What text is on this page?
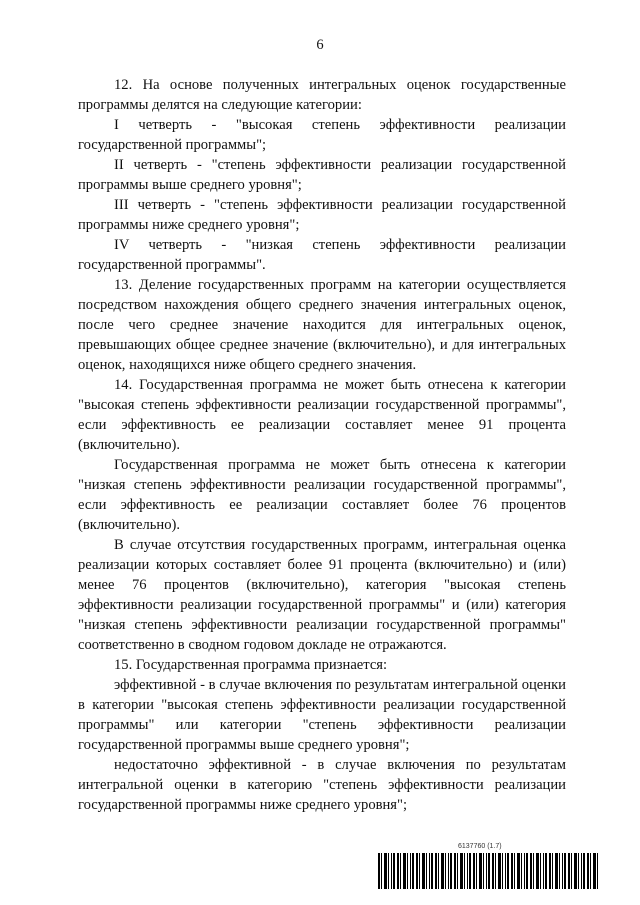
6

12. На основе полученных интегральных оценок государственные программы делятся на следующие категории:

I четверть - "высокая степень эффективности реализации государственной программы";

II четверть - "степень эффективности реализации государственной программы выше среднего уровня";

III четверть - "степень эффективности реализации государственной программы ниже среднего уровня";

IV четверть - "низкая степень эффективности реализации государственной программы".

13. Деление государственных программ на категории осуществляется посредством нахождения общего среднего значения интегральных оценок, после чего среднее значение находится для интегральных оценок, превышающих общее среднее значение (включительно), и для интегральных оценок, находящихся ниже общего среднего значения.

14. Государственная программа не может быть отнесена к категории "высокая степень эффективности реализации государственной программы", если эффективность ее реализации составляет менее 91 процента (включительно).

Государственная программа не может быть отнесена к категории "низкая степень эффективности реализации государственной программы", если эффективность ее реализации составляет более 76 процентов (включительно).

В случае отсутствия государственных программ, интегральная оценка реализации которых составляет более 91 процента (включительно) и (или) менее 76 процентов (включительно), категория "высокая степень эффективности реализации государственной программы" и (или) категория "низкая степень эффективности реализации государственной программы" соответственно в сводном годовом докладе не отражаются.

15. Государственная программа признается:

эффективной - в случае включения по результатам интегральной оценки в категории "высокая степень эффективности реализации государственной программы" или категории "степень эффективности реализации государственной программы выше среднего уровня";

недостаточно эффективной - в случае включения по результатам интегральной оценки в категорию "степень эффективности реализации государственной программы ниже среднего уровня";

6137760 (1.7)
